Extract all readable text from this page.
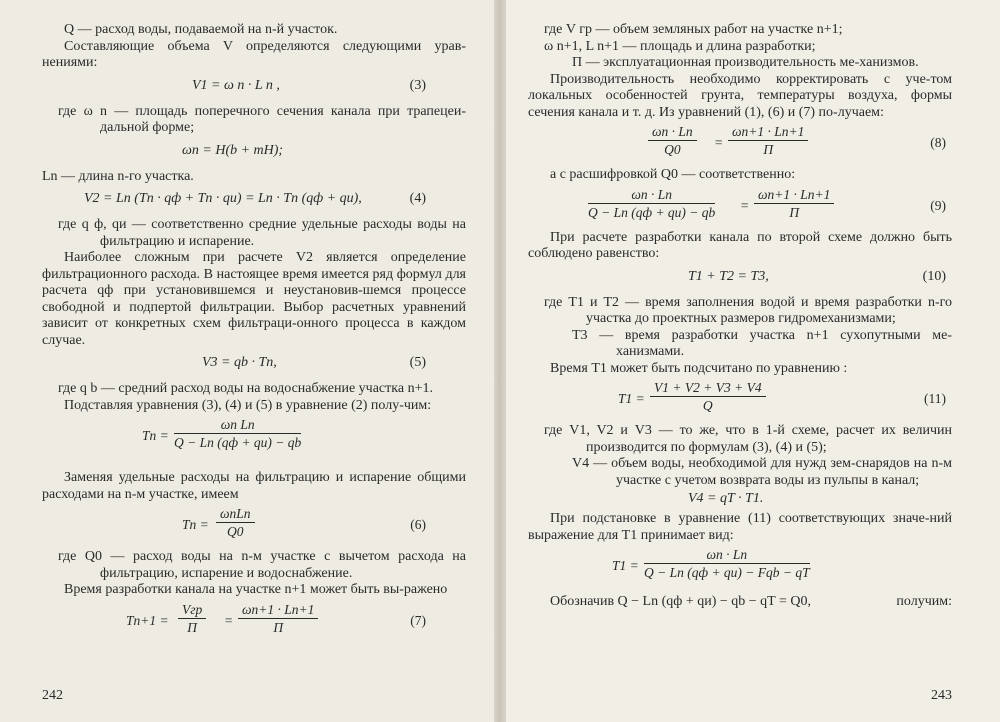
Q — расход воды, подаваемой на n-й участок.

Составляющие объема V определяются следующими урав-нениями:

V1 = ω n · L n ,	(3)

где ω n — площадь поперечного сечения канала при трапецеи-дальной форме;

ωn = H(b + mH);

Ln — длина n-го участка.

V2 = Ln (Tn · qф + Tn · qи) = Ln · Tn (qф + qи),	(4)

где q ф, qи — соответственно средние удельные расходы воды на фильтрацию и испарение.

Наиболее сложным при расчете V2 является определение фильтрационного расхода. В настоящее время имеется ряд формул для расчета qф при установившемся и неустановив-шемся процессе свободной и подпертой фильтрации. Выбор расчетных уравнений зависит от конкретных схем фильтраци-онного процесса в каждом случае.

V3 = qb · Tn,	(5)

где q b — средний расход воды на водоснабжение участка n+1.

Подставляя уравнения (3), (4) и (5) в уравнение (2) полу-чим:

Tn =
ωn Ln
Q − Ln (qф + qи) − qb

Заменяя удельные расходы на фильтрацию и испарение общими расходами на n-м участке, имеем

Tn =
ωnLn
Q0	(6)

где Q0 — расход воды на n-м участке с вычетом расхода на фильтрацию, испарение и водоснабжение.

Время разработки канала на участке n+1 может быть вы-ражено

Tn+1 =
Vгр
П	=
ωn+1 · Ln+1
П	(7)
242

где V гр — объем земляных работ на участке n+1;

ω n+1, L n+1 — площадь и длина разработки;

П — эксплуатационная производительность ме-ханизмов.

Производительность необходимо корректировать с уче-том локальных особенностей грунта, температуры воздуха, формы сечения канала и т. д. Из уравнений (1), (6) и (7) по-лучаем:

$\frac{\omega n \cdot Ln}{Q0}$ =
ωn+1 · Ln+1
П	(8)

а с расшифровкой Q0 — соответственно:

ωn · Ln
Q − Ln (qф + qи) − qb =
ωn+1 · Ln+1
П	(9)

При расчете разработки канала по второй схеме должно быть соблюдено равенство:

T1 + T2 = T3,	(10)

где T1 и T2 — время заполнения водой и время разработки n-го участка до проектных размеров гидромеханизмами;

T3 — время разработки участка n+1 сухопутными ме-ханизмами.

Время T1 может быть подсчитано по уравнению :

$T1 = \frac{V1 + V2 + V3 + V4}{Q}$	(11)

где V1, V2 и V3 — то же, что в 1-й схеме, расчет их величин производится по формулам (3), (4) и (5);

V4 — объем воды, необходимой для нужд зем-снарядов на n-м участке с учетом возврата воды из пульпы в канал;

V4 = qT · T1.

При подстановке в уравнение (11) соответствующих значе-ний выражение для T1 принимает вид:

T1 =
ωn · Ln
Q − Ln (qф + qи) − Fqb − qT

Обозначив Q − Ln (qф + qи) − qb − qT = Q0,	получим:

243
